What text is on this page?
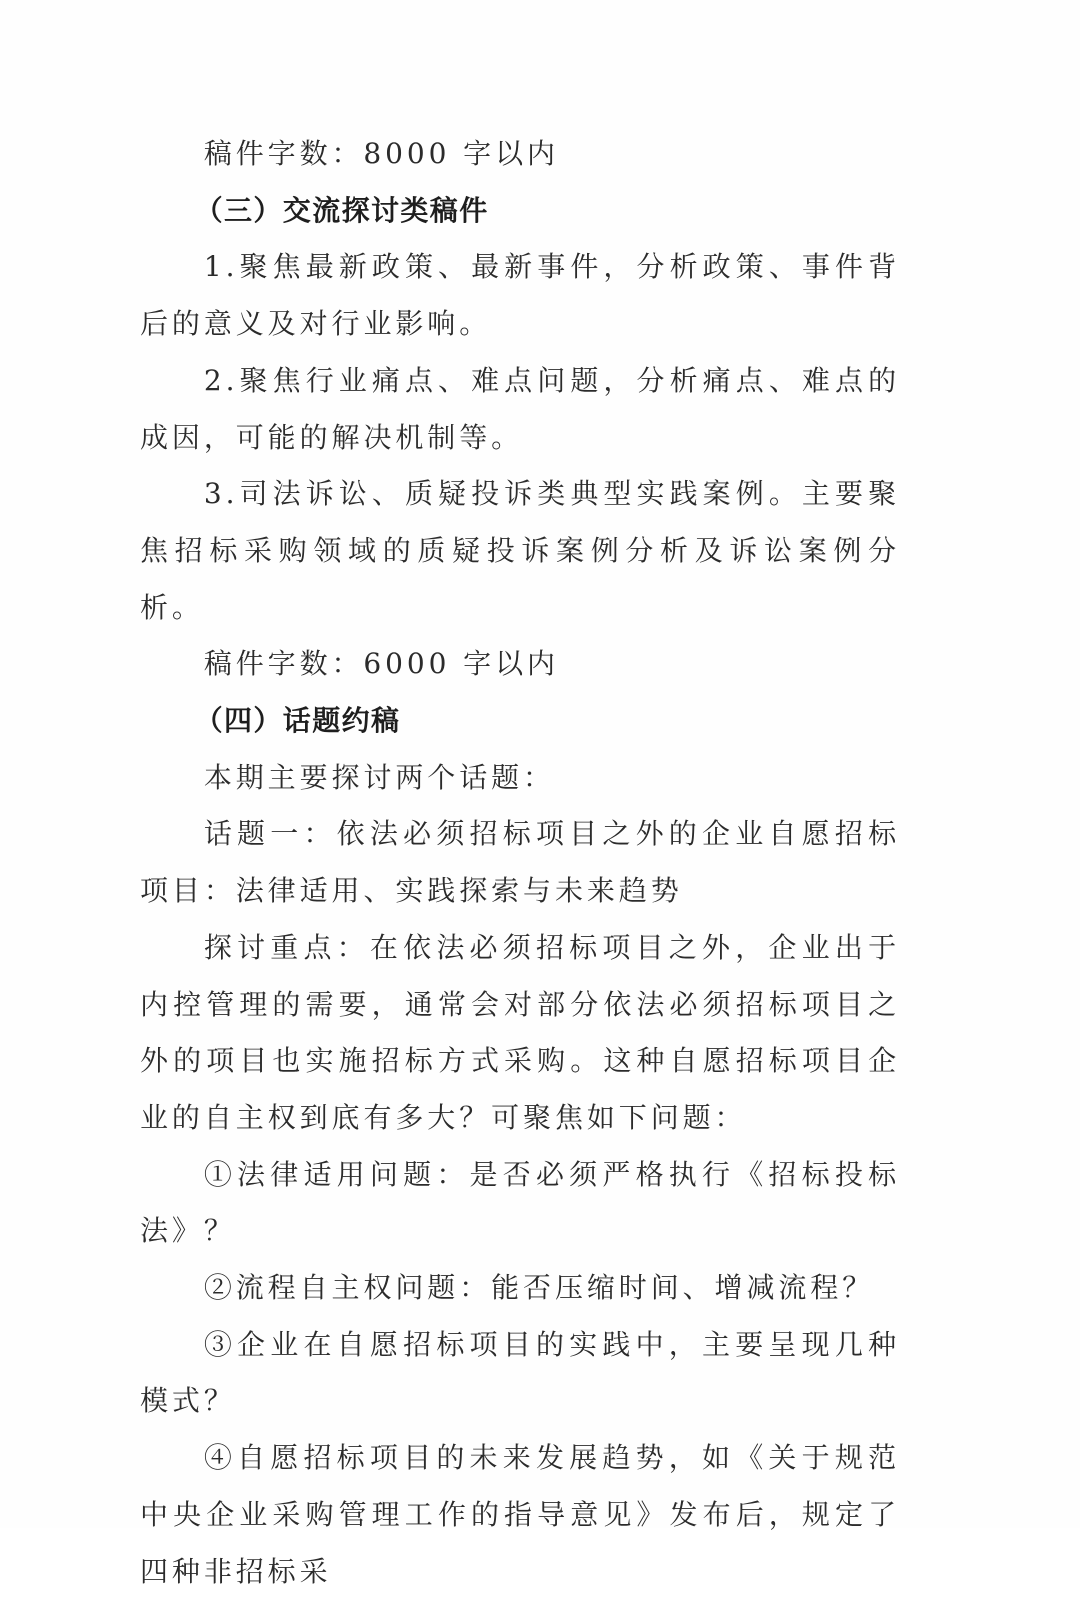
稿件字数：8000 字以内

（三）交流探讨类稿件

1.聚焦最新政策、最新事件，分析政策、事件背后的意义及对行业影响。

2.聚焦行业痛点、难点问题，分析痛点、难点的成因，可能的解决机制等。

3.司法诉讼、质疑投诉类典型实践案例。主要聚焦招标采购领域的质疑投诉案例分析及诉讼案例分析。

稿件字数：6000 字以内

（四）话题约稿

本期主要探讨两个话题：

话题一：依法必须招标项目之外的企业自愿招标项目：法律适用、实践探索与未来趋势

探讨重点：在依法必须招标项目之外，企业出于内控管理的需要，通常会对部分依法必须招标项目之外的项目也实施招标方式采购。这种自愿招标项目企业的自主权到底有多大？可聚焦如下问题：

①法律适用问题：是否必须严格执行《招标投标法》？

②流程自主权问题：能否压缩时间、增减流程？

③企业在自愿招标项目的实践中，主要呈现几种模式？

④自愿招标项目的未来发展趋势，如《关于规范中央企业采购管理工作的指导意见》发布后，规定了四种非招标采
